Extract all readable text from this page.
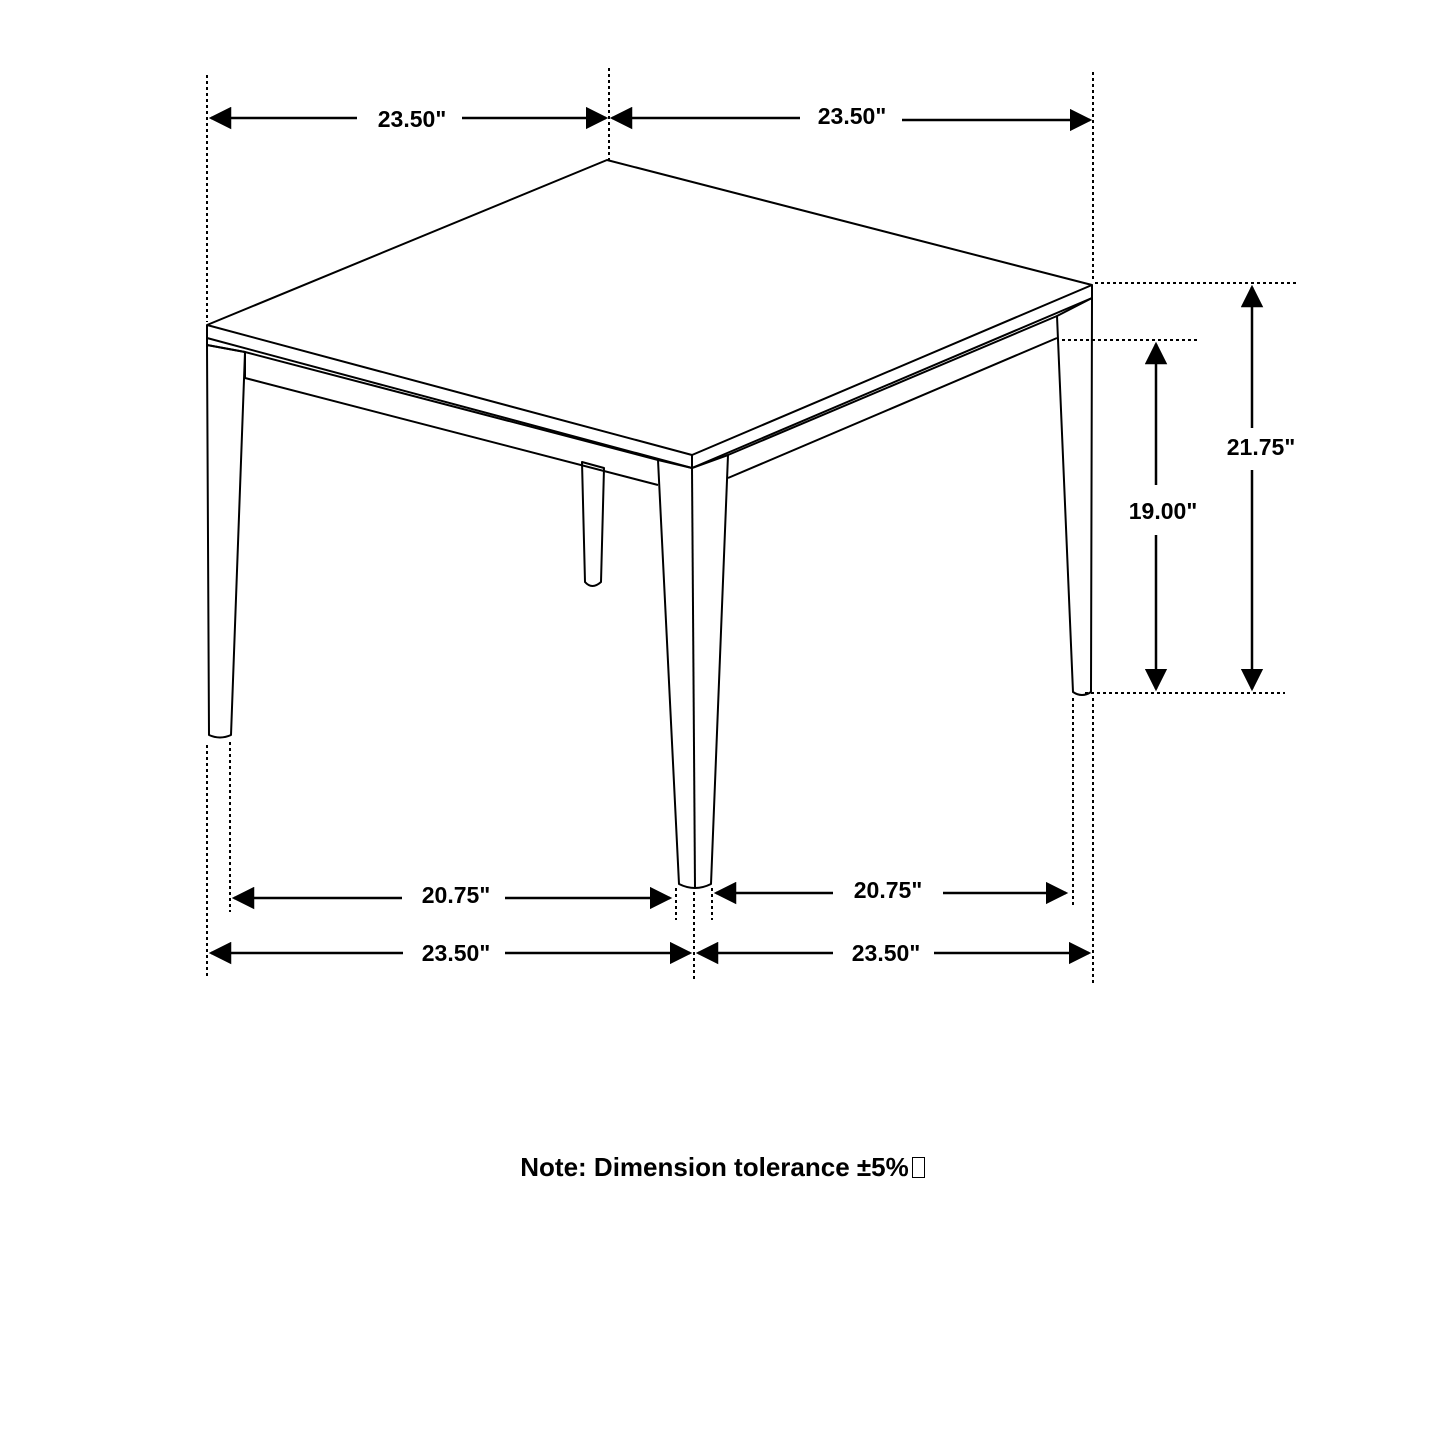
23.50"	23.50"
21.75"
19.00"
20.75"	20.75"
23.50"	23.50"
Note: Dimension tolerance ±5%
